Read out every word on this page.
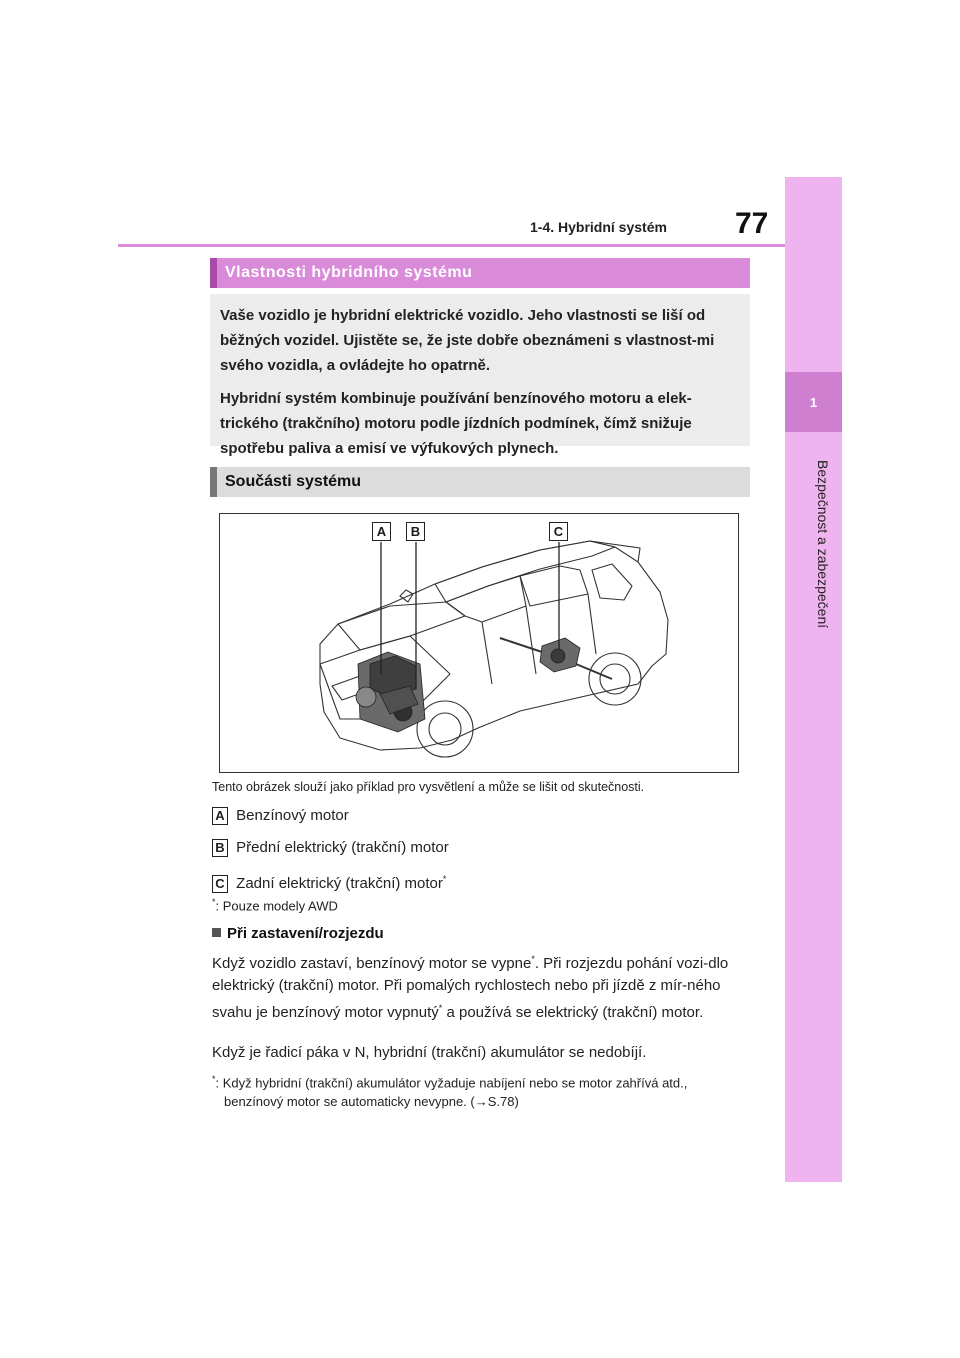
1
Bezpečnost a zabezpečení
1-4. Hybridní systém 77
Vlastnosti hybridního systému

Vaše vozidlo je hybridní elektrické vozidlo. Jeho vlastnosti se liší od běžných vozidel. Ujistěte se, že jste dobře obeznámeni s vlastnost-mi svého vozidla, a ovládejte ho opatrně.

Hybridní systém kombinuje používání benzínového motoru a elek-trického (trakčního) motoru podle jízdních podmínek, čímž snižuje spotřebu paliva a emisí ve výfukových plynech.

Součásti systému
A	B	C
Tento obrázek slouží jako příklad pro vysvětlení a může se lišit od skutečnosti.
A Benzínový motor
B Přední elektrický (trakční) motor
C Zadní elektrický (trakční) motor*
*: Pouze modely AWD
Při zastavení/rozjezdu

Když vozidlo zastaví, benzínový motor se vypne*. Při rozjezdu pohání vozi-dlo elektrický (trakční) motor. Při pomalých rychlostech nebo při jízdě z mír-ného svahu je benzínový motor vypnutý* a používá se elektrický (trakční) motor.

Když je řadicí páka v N, hybridní (trakční) akumulátor se nedobíjí.

*: Když hybridní (trakční) akumulátor vyžaduje nabíjení nebo se motor zahřívá atd.,
benzínový motor se automaticky nevypne. (→S.78)
